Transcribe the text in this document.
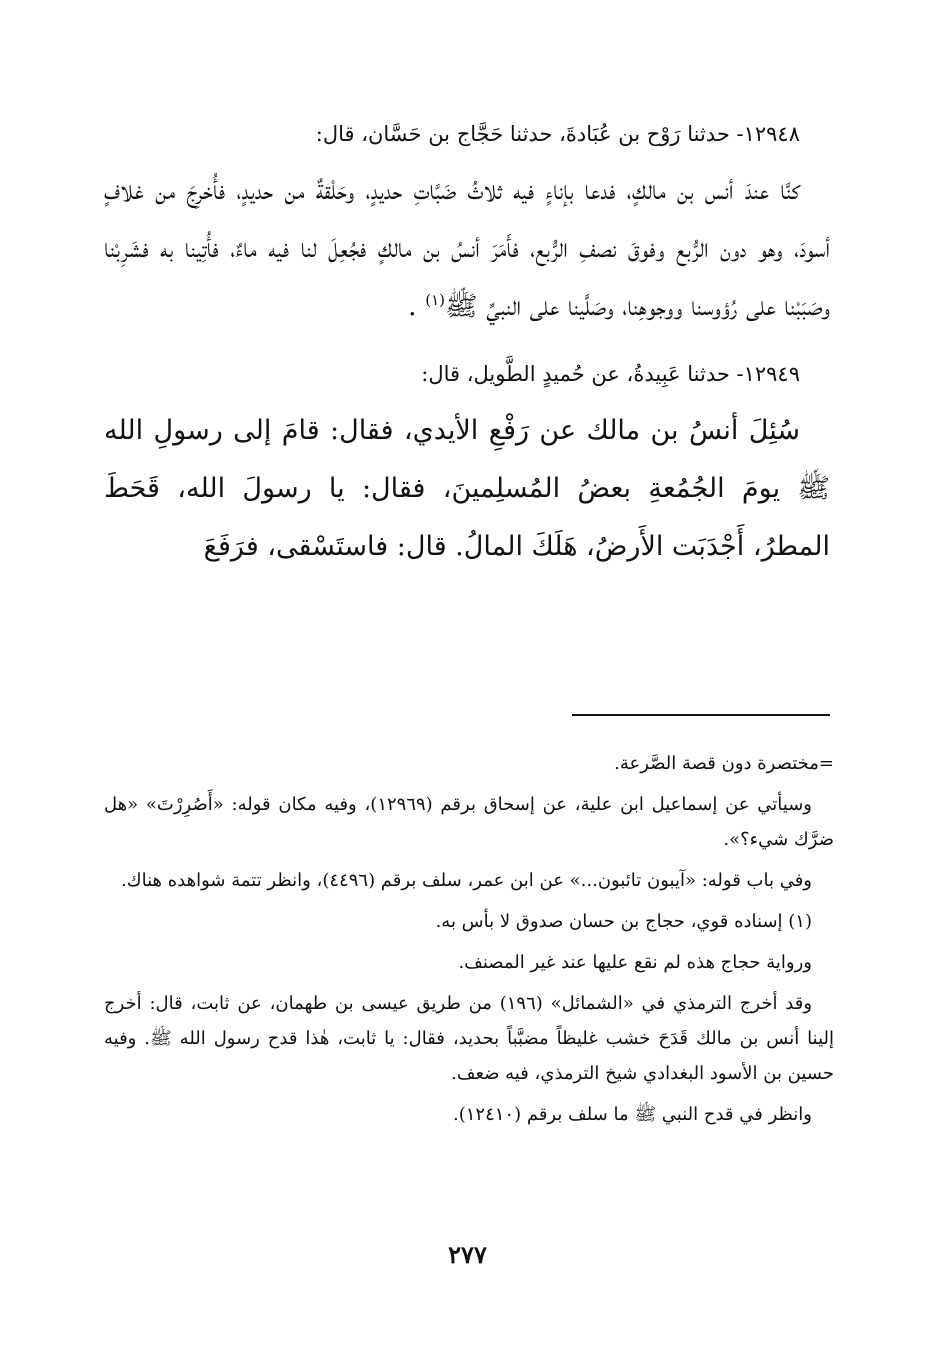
١٢٩٤٨- حدثنا رَوْح بن عُبَادةَ، حدثنا حَجَّاج بن حَسَّان، قال:

كنَّا عندَ أنس بن مالكٍ، فدعا بإناءٍ فيه ثلاثُ ضَبَّاتِ حديدٍ، وحَلْقةٌ من حديدٍ، فأُخرِجَ من غلافٍ أسودَ، وهو دون الرُّبع وفوقَ نصفِ الرُّبع، فأَمَرَ أنسُ بن مالكٍ فجُعِلَ لنا فيه ماءٌ، فأُتِينا به فشَرِبْنا وصَبَبْنا على رُؤوسنا ووجوهِنا، وصَلَّينا على النبيِّ ﷺ$^{(١)}$ .

١٢٩٤٩- حدثنا عَبِيدةُ، عن حُميدٍ الطَّويل، قال:

سُئِلَ أنسُ بن مالك عن رَفْعِ الأيدي، فقال: قامَ إلى رسولِ الله ﷺ يومَ الجُمُعةِ بعضُ المُسلِمينَ، فقال: يا رسولَ الله، قَحَطَ المطرُ، أَجْدَبَت الأَرضُ، هَلَكَ المالُ. قال: فاستَسْقى، فرَفَعَ

=مختصرة دون قصة الصَّرعة.

وسيأتي عن إسماعيل ابن علية، عن إسحاق برقم (١٢٩٦٩)، وفيه مكان قوله: «أَصُرِرْتَ» «هل ضرَّك شيء؟».

وفي باب قوله: «آيبون تائبون...» عن ابن عمر، سلف برقم (٤٤٩٦)، وانظر تتمة شواهده هناك.

(١) إسناده قوي، حجاج بن حسان صدوق لا بأس به.

ورواية حجاج هذه لم نقع عليها عند غير المصنف.

وقد أخرج الترمذي في «الشمائل» (١٩٦) من طريق عيسى بن طهمان، عن ثابت، قال: أخرج إلينا أنس بن مالك قَدَحَ خشب غليظاً مضبَّباً بحديد، فقال: يا ثابت، هٰذا قدح رسول الله ﷺ. وفيه حسين بن الأسود البغدادي شيخ الترمذي، فيه ضعف.

وانظر في قدح النبي ﷺ ما سلف برقم (١٢٤١٠).

٢٧٧
